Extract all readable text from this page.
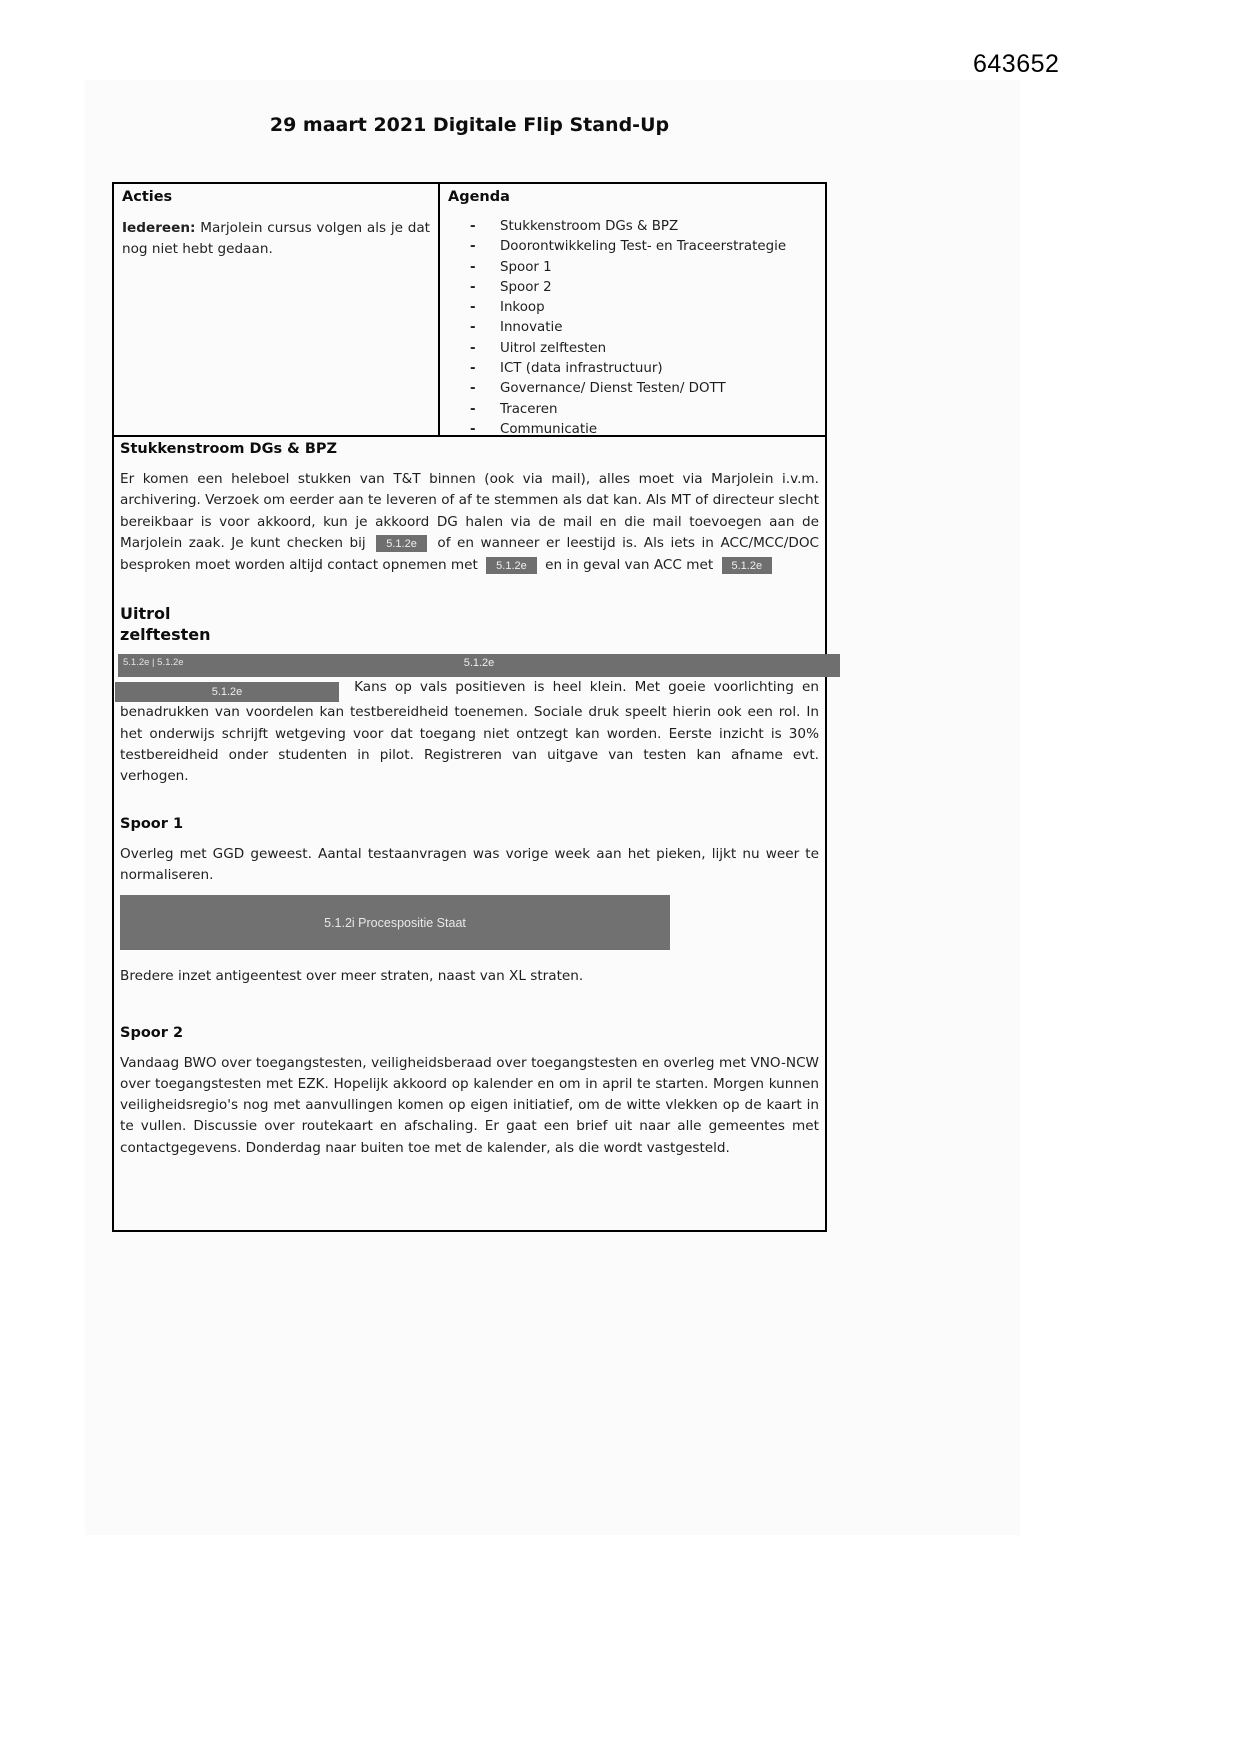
643652
29 maart 2021 Digitale Flip Stand-Up
Acties

Iedereen: Marjolein cursus volgen als je dat nog niet hebt gedaan.

Agenda
-	Stukkenstroom DGs & BPZ
-	Doorontwikkeling Test- en Traceerstrategie
-	Spoor 1
-	Spoor 2
-	Inkoop
-	Innovatie
-	Uitrol zelftesten
-	ICT (data infrastructuur)
-	Governance/ Dienst Testen/ DOTT
-	Traceren
-	Communicatie
Stukkenstroom DGs & BPZ

Er komen een heleboel stukken van T&T binnen (ook via mail), alles moet via Marjolein i.v.m. archivering. Verzoek om eerder aan te leveren of af te stemmen als dat kan. Als MT of directeur slecht bereikbaar is voor akkoord, kun je akkoord DG halen via de mail en die mail toevoegen aan de Marjolein zaak. Je kunt checken bij 5.1.2e of en wanneer er leestijd is. Als iets in ACC/MCC/DOC besproken moet worden altijd contact opnemen met 5.1.2e en in geval van ACC met 5.1.2e

Uitrol
zelftesten
5.1.2e | 5.1.2e	5.1.2e

5.1.2e	Kans op vals positieven is heel klein. Met goeie voorlichting en benadrukken van voordelen kan testbereidheid toenemen. Sociale druk speelt hierin ook een rol. In het onderwijs schrijft wetgeving voor dat toegang niet ontzegt kan worden. Eerste inzicht is 30% testbereidheid onder studenten in pilot. Registreren van uitgave van testen kan afname evt. verhogen.

Spoor 1

Overleg met GGD geweest. Aantal testaanvragen was vorige week aan het pieken, lijkt nu weer te normaliseren.

5.1.2i Procespositie Staat

Bredere inzet antigeentest over meer straten, naast van XL straten.

Spoor 2

Vandaag BWO over toegangstesten, veiligheidsberaad over toegangstesten en overleg met VNO-NCW over toegangstesten met EZK. Hopelijk akkoord op kalender en om in april te starten. Morgen kunnen veiligheidsregio's nog met aanvullingen komen op eigen initiatief, om de witte vlekken op de kaart in te vullen. Discussie over routekaart en afschaling. Er gaat een brief uit naar alle gemeentes met contactgegevens. Donderdag naar buiten toe met de kalender, als die wordt vastgesteld.
